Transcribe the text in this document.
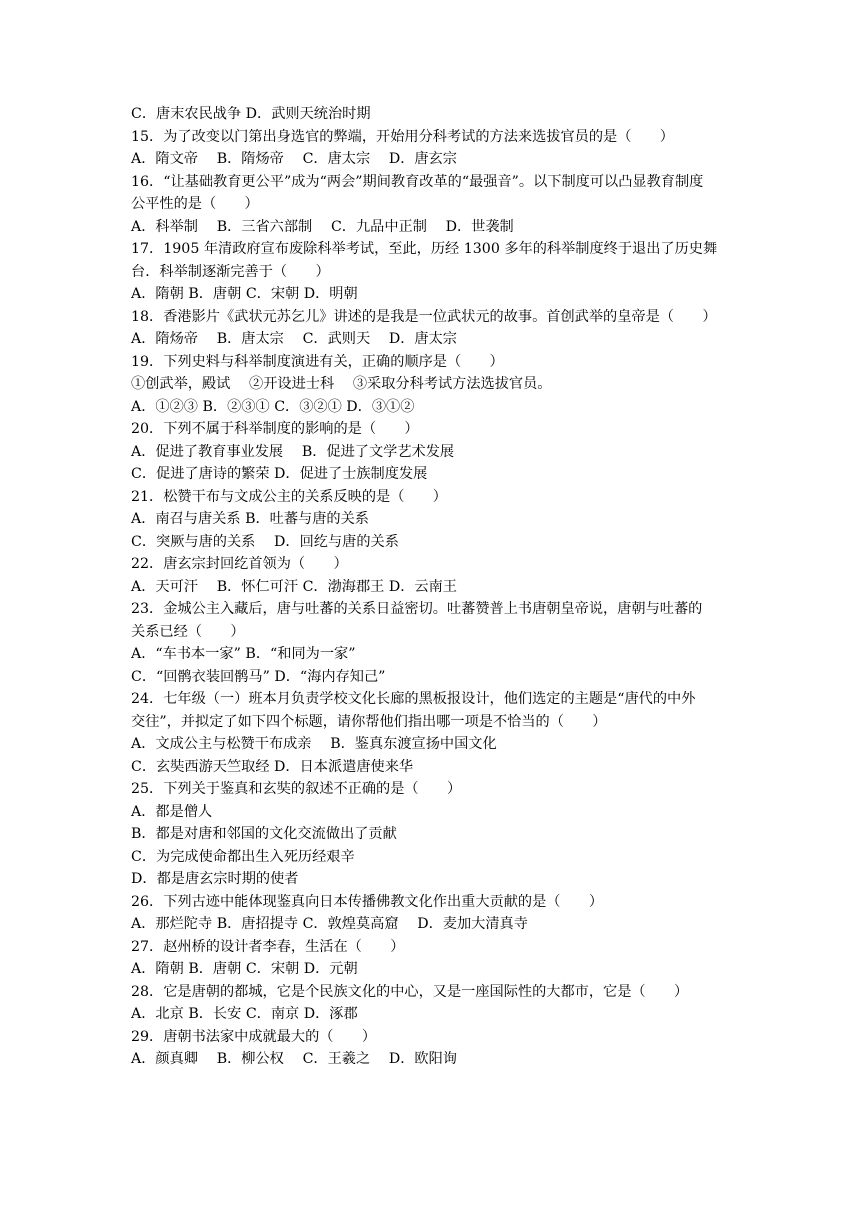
C．唐末农民战争 D．武则天统治时期
15．为了改变以门第出身选官的弊端，开始用分科考试的方法来选拔官员的是（　　）
A．隋文帝　 B．隋炀帝　 C．唐太宗　 D．唐玄宗
16．“让基础教育更公平”成为“两会”期间教育改革的“最强音”。以下制度可以凸显教育制度
公平性的是（　　）
A．科举制　 B．三省六部制　 C．九品中正制　 D．世袭制
17．1905 年清政府宣布废除科举考试，至此，历经 1300 多年的科举制度终于退出了历史舞
台．科举制逐渐完善于（　　）
A．隋朝 B．唐朝 C．宋朝 D．明朝
18．香港影片《武状元苏乞儿》讲述的是我是一位武状元的故事。首创武举的皇帝是（　　）
A．隋炀帝　 B．唐太宗　 C．武则天　 D．唐太宗
19．下列史料与科举制度演进有关，正确的顺序是（　　）
①创武举，殿试　 ②开设进士科　 ③采取分科考试方法选拔官员。
A．①②③ B．②③① C．③②① D．③①②
20．下列不属于科举制度的影响的是（　　）
A．促进了教育事业发展　 B．促进了文学艺术发展
C．促进了唐诗的繁荣 D．促进了士族制度发展
21．松赞干布与文成公主的关系反映的是（　　）
A．南召与唐关系 B．吐蕃与唐的关系
C．突厥与唐的关系　 D．回纥与唐的关系
22．唐玄宗封回纥首领为（　　）
A．天可汗　 B．怀仁可汗 C．渤海郡王 D．云南王
23．金城公主入藏后，唐与吐蕃的关系日益密切。吐蕃赞普上书唐朝皇帝说，唐朝与吐蕃的
关系已经（　　）
A．“车书本一家” B．“和同为一家”
C．“回鹘衣装回鹘马” D．“海内存知己”
24．七年级（一）班本月负责学校文化长廊的黑板报设计，他们选定的主题是“唐代的中外
交往”，并拟定了如下四个标题，请你帮他们指出哪一项是不恰当的（　　）
A．文成公主与松赞干布成亲　 B．鉴真东渡宣扬中国文化
C．玄奘西游天竺取经 D．日本派遣唐使来华
25．下列关于鉴真和玄奘的叙述不正确的是（　　）
A．都是僧人
B．都是对唐和邻国的文化交流做出了贡献
C．为完成使命都出生入死历经艰辛
D．都是唐玄宗时期的使者
26．下列古迹中能体现鉴真向日本传播佛教文化作出重大贡献的是（　　）
A．那烂陀寺 B．唐招提寺 C．敦煌莫高窟　 D．麦加大清真寺
27．赵州桥的设计者李春，生活在（　　）
A．隋朝 B．唐朝 C．宋朝 D．元朝
28．它是唐朝的都城，它是个民族文化的中心，又是一座国际性的大都市，它是（　　）
A．北京 B．长安 C．南京 D．涿郡
29．唐朝书法家中成就最大的（　　）
A．颜真卿　 B．柳公权　 C．王羲之　 D．欧阳询
